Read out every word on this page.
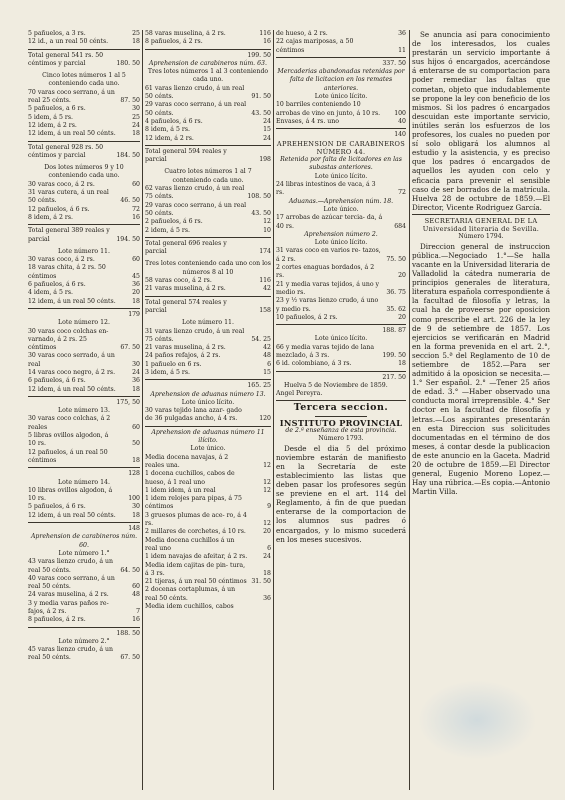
5 pañuelos, a 3 rs.	25
12 id., a un real 50 cénts.	18
Total general 541 rs. 50 céntimos y parcial	180. 50
Cinco lotes números 1 al 5 conteniendo cada uno.
70 varas coco serrano, á un real 25 cénts.	87. 50
5 pañuelos, a 6 rs.	30
5 idem, á 5 rs.	25
12 idem, á 2 rs.	24
12 idem, á un real 50 cénts.	18
Total general 928 rs. 50 céntimos y parcial	184. 50
Dos lotes números 9 y 10 conteniendo cada uno.
30 varas coco, á 2 rs.	60
31 varas cutera, á un real 50 cénts.	46. 50
12 pañuelos, á 6 rs.	72
8 idem, á 2 rs.	16
Total general 389 reales y parcial	194. 50
Lote número 11.
30 varas coco, á 2 rs.	60
18 varas chita, á 2 rs. 50 céntimos	45
6 pañuelos, á 6 rs.	36
4 idem, á 5 rs.	20
12 idem, á un real 50 cénts.	18
179
Lote número 12.
30 varas coco colchas en- varnado, á 2 rs. 25 céntimos	67. 50
30 varas coco serrado, á un real	30
14 varas coco negro, á 2 rs.	24
6 pañuelos, á 6 rs.	36
12 idem, á un real 50 cénts.	18
175, 50
Lote número 13.
30 varas coco colchas, á 2 reales	60
5 libras ovillos algodon, á 10 rs.	50
12 pañuelos, á un real 50 céntimos	18
128
Lote número 14.
10 libras ovillos algodon, á 10 rs.	100
5 pañuelos, á 6 rs.	30
12 idem, á un real 50 cénts.	18
148
Aprehension de carabineros núm. 60.
Lote número 1.°
43 varas lienzo crudo, á un real 50 cénts.	64. 50
40 varas coco serrano, á un real 50 cénts.	60
24 varas muselina, á 2 rs.	48
3 y media varas paños re- fajos, á 2 rs.	7
8 pañuelos, á 2 rs.	16
188. 50
Lote número 2.°
45 varas lienzo crudo, á un real 50 cénts.	67. 50
58 varas muselina, á 2 rs.	116
8 pañuelos, á 2 rs.	16
199. 50
Aprehension de carabineros núm. 63.
Tres lotes números 1 al 3 conteniendo cada uno.
61 varas lienzo crudo, á un real 50 cénts.	91. 50
29 varas coco serrano, á un real 50 cénts.	43. 50
4 pañuelos, á 6 rs.	24
8 idem, á 5 rs.	15
12 idem, á 2 rs.	24
Total general 594 reales y parcial	198
Cuatro lotes números 1 al 7 conteniendo cada uno.
62 varas lienzo crudo, á un real 75 cénts.	108. 50
29 varas coco serrano, á un real 50 cénts.	43. 50
2 pañuelos, á 6 rs.	12
2 idem, á 5 rs.	10
Total general 696 reales y parcial	174
Tres lotes conteniendo cada uno con los números 8 al 10
58 varas coco, á 2 rs.	116
21 varas muselina, á 2 rs.	42
Total general 574 reales y parcial	158
Lote número 11.
31 varas lienzo crudo, á un real 75 cénts.	54. 25
21 varas muselina, á 2 rs.	42
24 paños refajos, á 2 rs.	48
1 pañuelo en 6 rs.	6
3 idem, á 5 rs.	15
165. 25
Aprehension de aduanas número 13.
Lote único lícito.
30 varas tejido lana azar- gado de 36 pulgadas ancho, á 4 rs.	120
Aprehension de aduanas número 11 ilícito.
Lote único.
Media docena navajas, á 2 reales una.	12
1 docena cuchillos, cabos de hueso, á 1 real uno	12
1 idem idem, á un real	12
1 idem relojes para pipas, á 75 céntimos	9
3 gruesos plumas de ace- ro, á 4 rs.	12
2 millares de corchetes, á 10 rs.	20
Media docena cuchillos á un real uno	6
1 idem navajas de afeitar, á 2 rs.	24
Media idem cajitas de pin- tura, á 3 rs.	18
21 tijeras, á un real 50 céntimos 31. 50
2 docenas cortaplumas, á un real 50 cénts.	36
Media idem cuchillos, cabos
de hueso, á 2 rs.	36
22 cajas mariposas, a 50 céntimos	11
337. 50
Mercaderias abandonadas retenidas por falta de licitacion en los remates anteriores.
Lote único lícito.
10 barriles conteniendo 10 arrobas de vino en junto, á 10 rs.	100
Envases, á 4 rs. uno	40
140
APREHENSION DE CARABINEROS NÚMERO 44.
Retenida por falta de licitadores en las subastas anteriores.
Lote único lícito.
24 libras intestinos de vaca, á 3 rs.	72
Aduanas.—Aprehension núm. 18.
Lote único.
17 arrobas de azúcar tercia- da, á 40 rs.	684
Aprehension número 2.
Lote único lícito.
31 varas coco en varios re- tazos, á 2 rs.	75. 50
2 cortes enaguas bordados, á 2 rs.	20
21 y media varas tejidos, á uno y medio rs.	36. 75
23 y ½ varas lienzo crudo, á uno y medio rs.	35. 62
10 pañuelos, á 2 rs.	20
188. 87
Lote único lícito.
66 y media varas tejido de lana mezclado, á 3 rs.	199. 50
6 id. colombiano, á 3 rs.	18
217. 50
Huelva 5 de Noviembre de 1859. Angel Pereyra.
Tercera seccion.
INSTITUTO PROVINCIAL
de 2.ª enseñanza de esta provincia.
Número 1793.
Desde el dia 5 del próximo noviembre estarán de manifiesto en la Secretaría de este establecimiento las listas que deben pasar los profesores según se previene en el art. 114 del Reglamento, á fin de que puedan enterarse de la comportacion de los alumnos sus padres ó encargados, y lo mismo sucederá en los meses sucesivos.
Se anuncia así para conocimiento de los interesados, los cuales prestarán un servicio importante á sus hijos ó encargados, acercándose á enterarse de su comportacion para poder remediar las faltas que cometan, objeto que indudablemente se propone la ley con beneficio de los mismos. Si los padres ó encargados descuidan este importante servicio, inútiles serán los esfuerzos de los profesores, los cuales no pueden por sí solo obligará los alumnos al estudio y la asistencia, y es preciso que los padres ó encargados de aquellos les ayuden con celo y eficacia para prevenir el sensible caso de ser borrados de la matrícula. Huelva 28 de octubre de 1859.—El Director, Vicente Rodriguez García.
SECRETARIA GENERAL DE LA Universidad literaria de Sevilla.
Número 1794.
Direccion general de instruccion pública.—Negociado 1.°—Se halla vacante en la Universidad literaria de Valladolid la cátedra numeraria de principios generales de literatura, literatura española correspondiente á la facultad de filosofía y letras, la cual ha de proveerse por oposicion como prescribe el art. 226 de la ley de 9 de setiembre de 1857. Los ejercicios se verificarán en Madrid en la forma prevenida en el art. 2.°, seccion 5.ª del Reglamento de 10 de setiembre de 1852.—Para ser admitido á la oposicion se necesita.—1.° Ser español. 2.° —Tener 25 años de edad. 3.° —Haber observado una conducta moral irreprensible. 4.° Ser doctor en la facultad de filosofía y letras.—Los aspirantes presentarán en esta Direccion sus solicitudes documentadas en el término de dos meses, á contar desde la publicacion de este anuncio en la Gaceta. Madrid 20 de octubre de 1859.—El Director general, Eugenio Moreno Lopez.—Hay una rúbrica.—Es copia.—Antonio Martin Villa.
